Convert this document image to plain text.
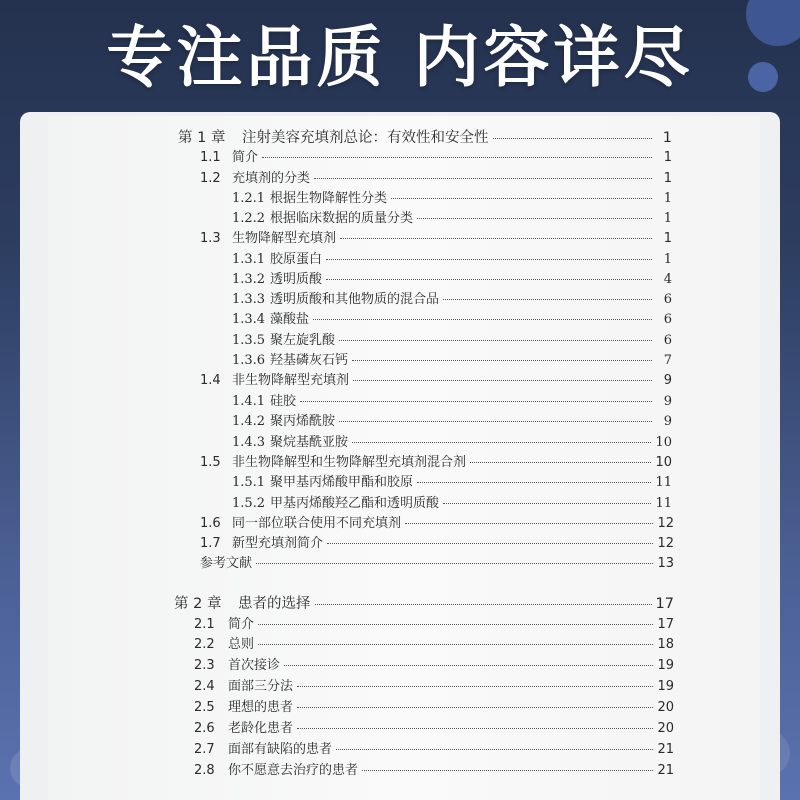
专注品质 内容详尽
第 1 章	注射美容充填剂总论：有效性和安全性	1
1.1 简介	1
1.2 充填剂的分类	1
1.2.1 根据生物降解性分类	1
1.2.2 根据临床数据的质量分类	1
1.3 生物降解型充填剂	1
1.3.1 胶原蛋白	1
1.3.2 透明质酸	4
1.3.3 透明质酸和其他物质的混合品	6
1.3.4 藻酸盐	6
1.3.5 聚左旋乳酸	6
1.3.6 羟基磷灰石钙	7
1.4 非生物降解型充填剂	9
1.4.1 硅胶	9
1.4.2 聚丙烯酰胺	9
1.4.3 聚烷基酰亚胺	10
1.5 非生物降解型和生物降解型充填剂混合剂	10
1.5.1 聚甲基丙烯酸甲酯和胶原	11
1.5.2 甲基丙烯酸羟乙酯和透明质酸	11
1.6 同一部位联合使用不同充填剂	12
1.7 新型充填剂简介	12
参考文献	13
第 2 章	患者的选择	17
2.1	简介	17
2.2	总则	18
2.3	首次接诊	19
2.4	面部三分法	19
2.5	理想的患者	20
2.6	老龄化患者	20
2.7	面部有缺陷的患者	21
2.8	你不愿意去治疗的患者	21
